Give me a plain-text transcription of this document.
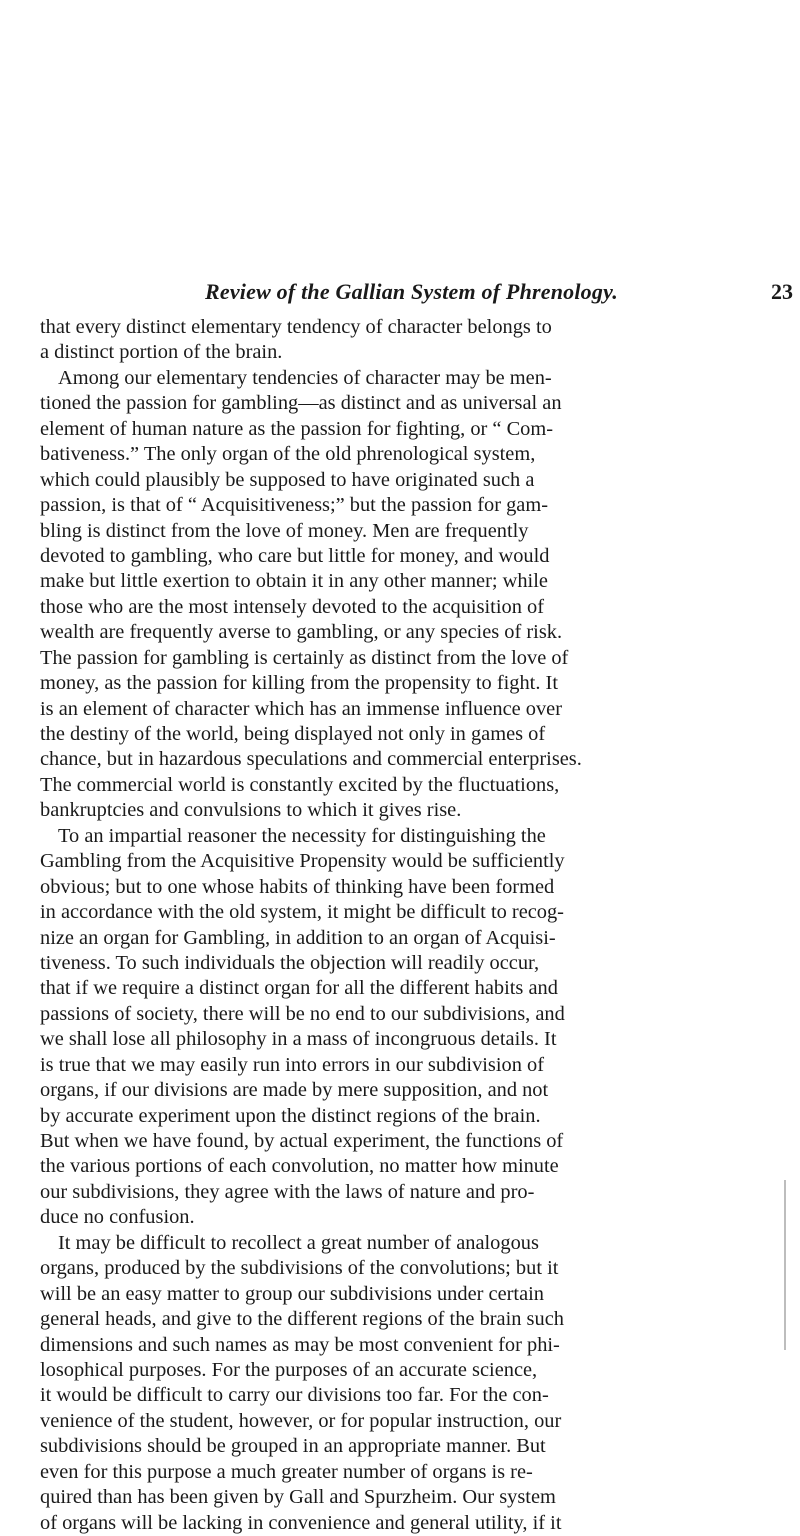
Review of the Gallian System of Phrenology.	23
that every distinct elementary tendency of character belongs to
a distinct portion of the brain.
Among our elementary tendencies of character may be men-
tioned the passion for gambling—as distinct and as universal an
element of human nature as the passion for fighting, or “ Com-
bativeness.” The only organ of the old phrenological system,
which could plausibly be supposed to have originated such a
passion, is that of “ Acquisitiveness;” but the passion for gam-
bling is distinct from the love of money. Men are frequently
devoted to gambling, who care but little for money, and would
make but little exertion to obtain it in any other manner; while
those who are the most intensely devoted to the acquisition of
wealth are frequently averse to gambling, or any species of risk.
The passion for gambling is certainly as distinct from the love of
money, as the passion for killing from the propensity to fight. It
is an element of character which has an immense influence over
the destiny of the world, being displayed not only in games of
chance, but in hazardous speculations and commercial enterprises.
The commercial world is constantly excited by the fluctuations,
bankruptcies and convulsions to which it gives rise.
To an impartial reasoner the necessity for distinguishing the
Gambling from the Acquisitive Propensity would be sufficiently
obvious; but to one whose habits of thinking have been formed
in accordance with the old system, it might be difficult to recog-
nize an organ for Gambling, in addition to an organ of Acquisi-
tiveness. To such individuals the objection will readily occur,
that if we require a distinct organ for all the different habits and
passions of society, there will be no end to our subdivisions, and
we shall lose all philosophy in a mass of incongruous details. It
is true that we may easily run into errors in our subdivision of
organs, if our divisions are made by mere supposition, and not
by accurate experiment upon the distinct regions of the brain.
But when we have found, by actual experiment, the functions of
the various portions of each convolution, no matter how minute
our subdivisions, they agree with the laws of nature and pro-
duce no confusion.
It may be difficult to recollect a great number of analogous
organs, produced by the subdivisions of the convolutions; but it
will be an easy matter to group our subdivisions under certain
general heads, and give to the different regions of the brain such
dimensions and such names as may be most convenient for phi-
losophical purposes. For the purposes of an accurate science,
it would be difficult to carry our divisions too far. For the con-
venience of the student, however, or for popular instruction, our
subdivisions should be grouped in an appropriate manner. But
even for this purpose a much greater number of organs is re-
quired than has been given by Gall and Spurzheim. Our system
of organs will be lacking in convenience and general utility, if it
